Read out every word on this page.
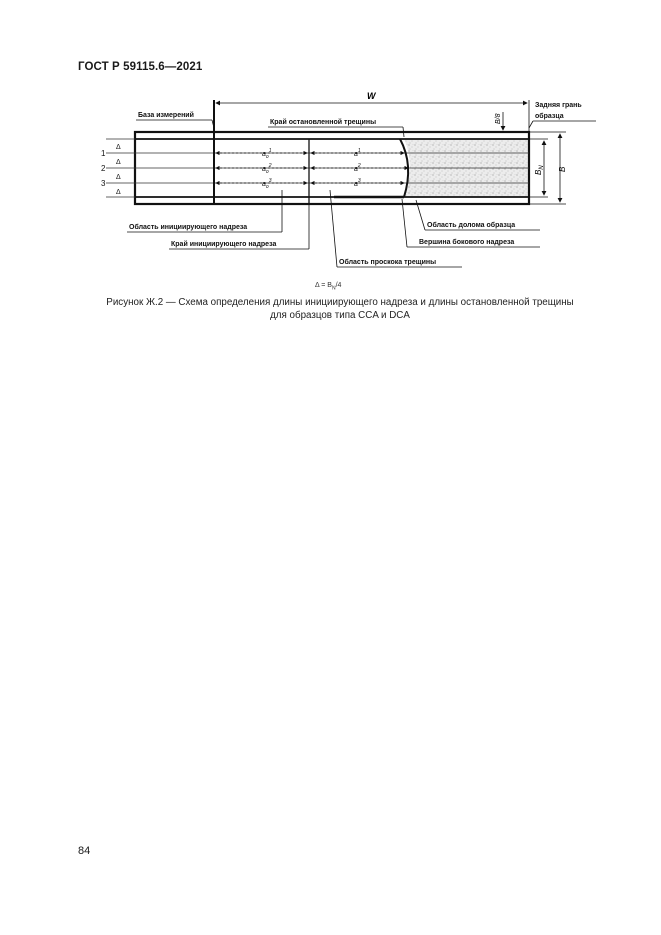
ГОСТ Р 59115.6—2021
W
B
$B_N$
B/8
$a_o^1$
$a_o^2$
$a_o^3$
$a^1$
$a^2$
$a^3$
1
2
3
Δ
Δ
Δ
Δ
База измерений
Край остановленной трещины
Задняя грань
образца
Область инициирующего надреза
Край инициирующего надреза
Область проскока трещины
Область долома образца
Вершина бокового надреза
$\Delta = B_N/4$
Рисунок Ж.2 — Схема определения длины инициирующего надреза и длины остановленной трещины
для образцов типа CCA и DCA
84
